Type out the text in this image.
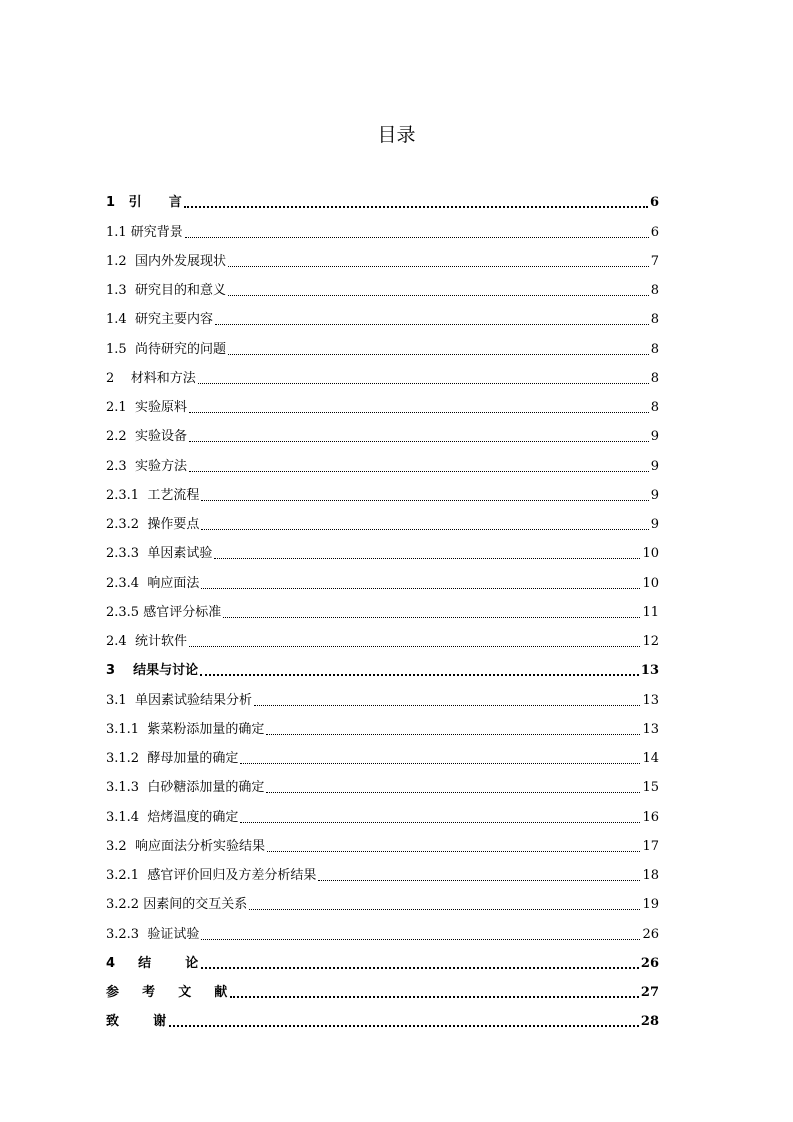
目录
1   引      言	6
1.1 研究背景	6
1.2  国内外发展现状	7
1.3  研究目的和意义	8
1.4  研究主要内容	8
1.5  尚待研究的问题	8
2    材料和方法	8
2.1  实验原料	8
2.2  实验设备	9
2.3  实验方法	9
2.3.1  工艺流程	9
2.3.2  操作要点	9
2.3.3  单因素试验	10
2.3.4  响应面法	10
2.3.5 感官评分标准	11
2.4  统计软件	12
3    结果与讨论	13
3.1  单因素试验结果分析	13
3.1.1  紫菜粉添加量的确定	13
3.1.2  酵母加量的确定	14
3.1.3  白砂糖添加量的确定	15
3.1.4  焙烤温度的确定	16
3.2  响应面法分析实验结果	17
3.2.1  感官评价回归及方差分析结果	18
3.2.2 因素间的交互关系	19
3.2.3  验证试验	26
4    结      论	26
参    考    文    献	27
致      谢	28
